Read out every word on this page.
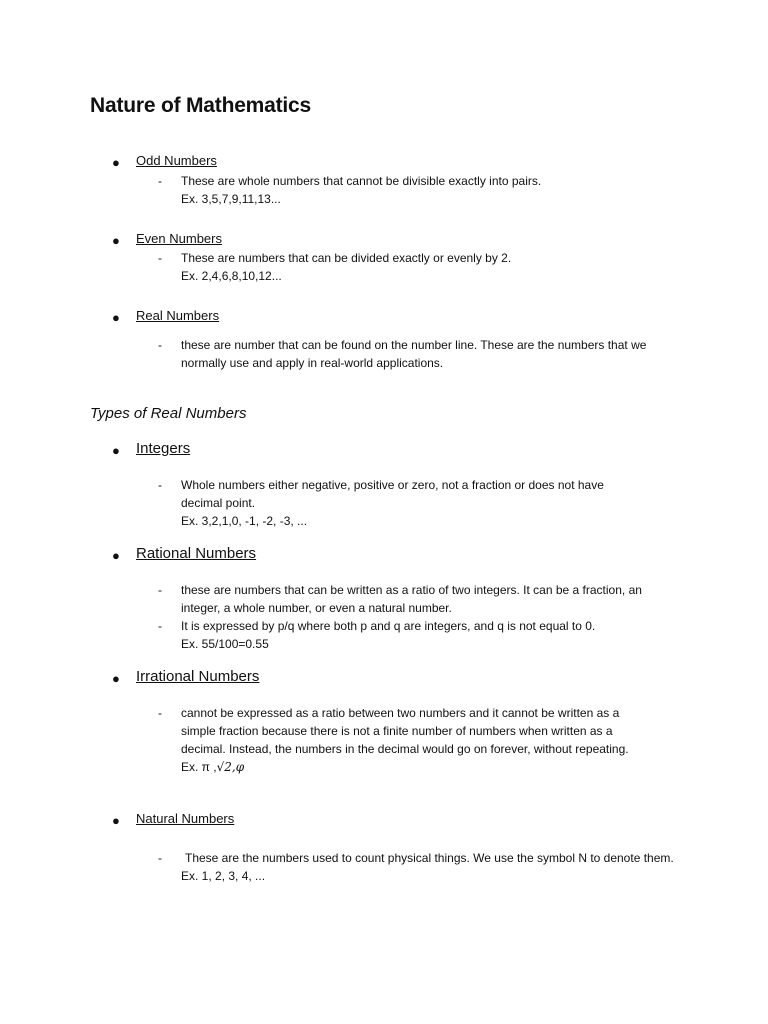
Nature of Mathematics
● Odd Numbers
- These are whole numbers that cannot be divisible exactly into pairs.
Ex. 3,5,7,9,11,13...
● Even Numbers
- These are numbers that can be divided exactly or evenly by 2.
Ex. 2,4,6,8,10,12...
● Real Numbers
- these are number that can be found on the number line. These are the numbers that we
normally use and apply in real-world applications.
Types of Real Numbers
● Integers
- Whole numbers either negative, positive or zero, not a fraction or does not have
decimal point.
Ex. 3,2,1,0, -1, -2, -3, ...
● Rational Numbers
- these are numbers that can be written as a ratio of two integers. It can be a fraction, an
integer, a whole number, or even a natural number.
- It is expressed by p/q where both p and q are integers, and q is not equal to 0.
Ex. 55/100=0.55
● Irrational Numbers
- cannot be expressed as a ratio between two numbers and it cannot be written as a
simple fraction because there is not a finite number of numbers when written as a
decimal. Instead, the numbers in the decimal would go on forever, without repeating.
Ex. π ,√2,φ
● Natural Numbers
- These are the numbers used to count physical things. We use the symbol N to denote them.
Ex. 1, 2, 3, 4, ...
